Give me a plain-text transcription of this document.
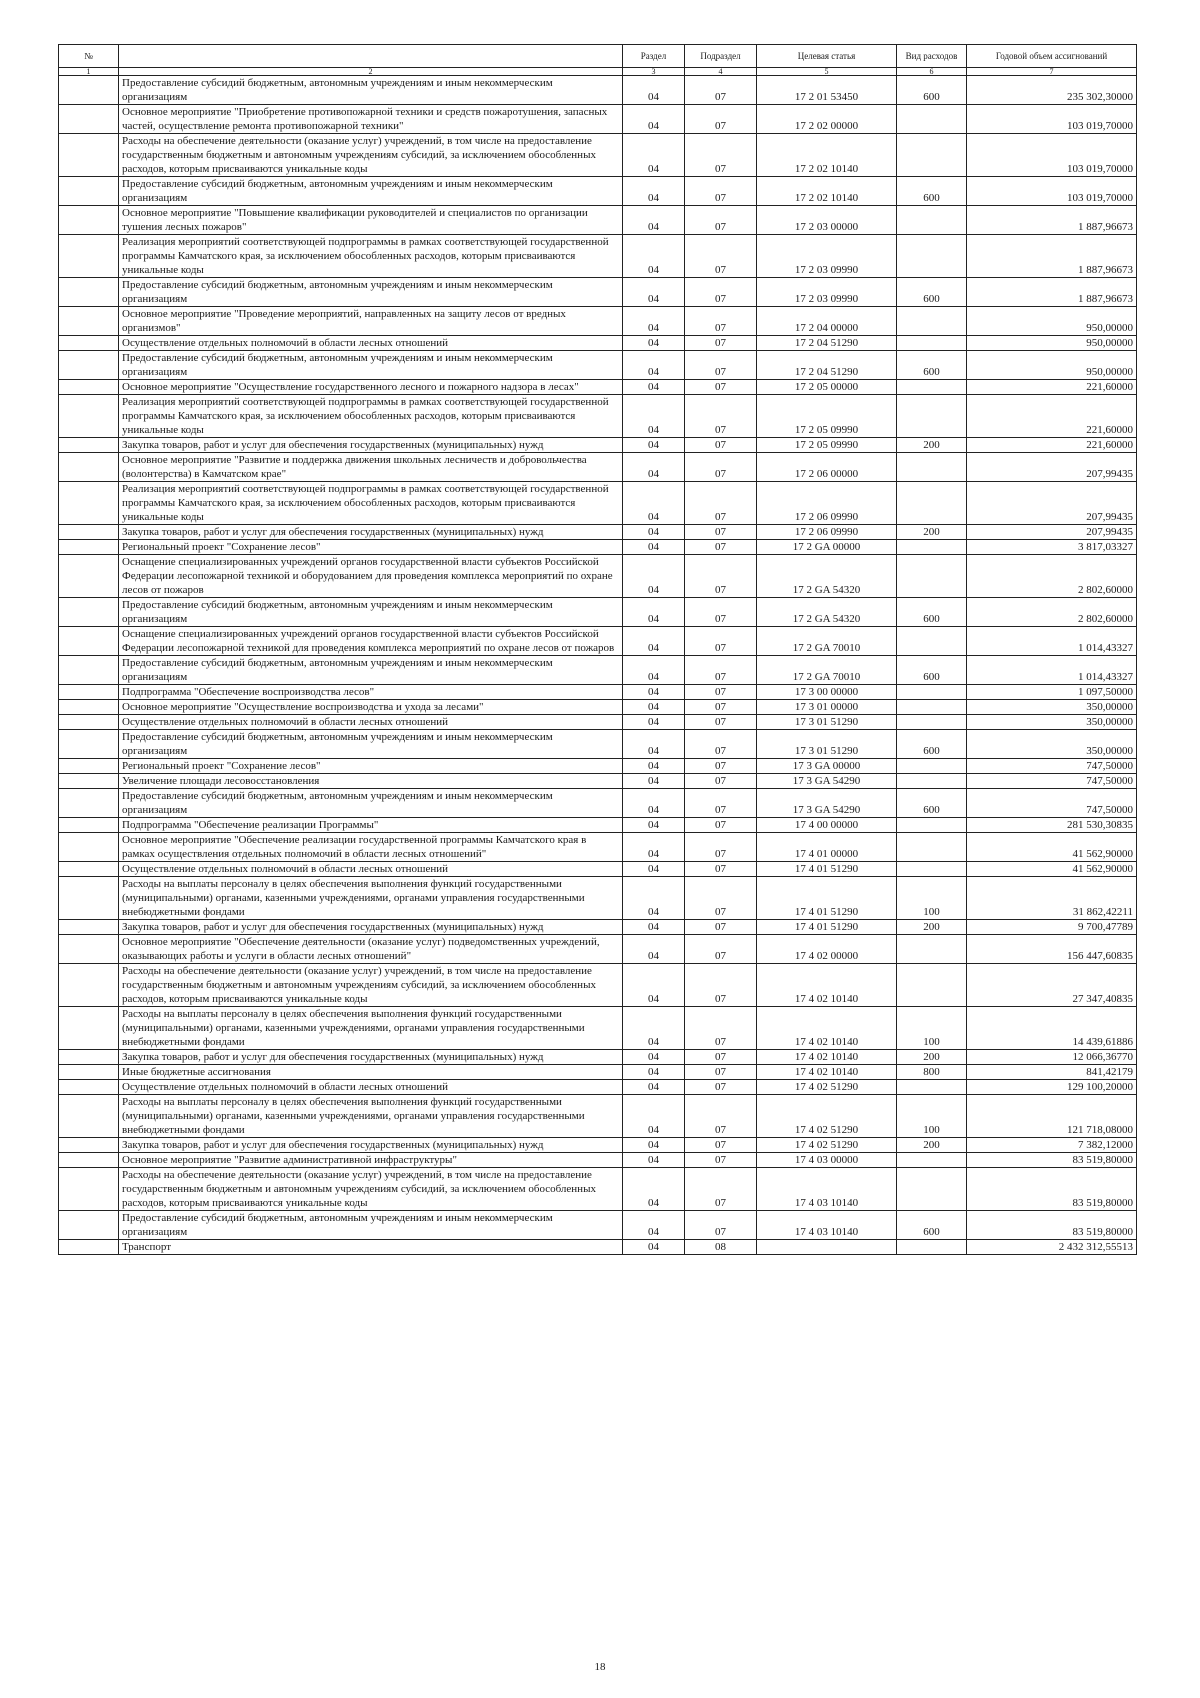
№		Раздел	Подраздел	Целевая статья	Вид расходов	Годовой объем ассигнований
1	2	3	4	5	6	7
	Предоставление субсидий бюджетным, автономным учреждениям и иным некоммерческим организациям	04	07	17 2 01 53450	600	235 302,30000
	Основное мероприятие "Приобретение противопожарной техники и средств пожаротушения, запасных частей, осуществление ремонта противопожарной техники"	04	07	17 2 02 00000		103 019,70000
	Расходы на обеспечение деятельности (оказание услуг) учреждений, в том числе на предоставление государственным бюджетным и автономным учреждениям субсидий, за исключением обособленных расходов, которым присваиваются уникальные коды	04	07	17 2 02 10140		103 019,70000
	Предоставление субсидий бюджетным, автономным учреждениям и иным некоммерческим организациям	04	07	17 2 02 10140	600	103 019,70000
	Основное мероприятие "Повышение квалификации руководителей и специалистов по организации тушения лесных пожаров"	04	07	17 2 03 00000		1 887,96673
	Реализация мероприятий соответствующей подпрограммы в рамках соответствующей государственной программы Камчатского края, за исключением обособленных расходов, которым присваиваются уникальные коды	04	07	17 2 03 09990		1 887,96673
	Предоставление субсидий бюджетным, автономным учреждениям и иным некоммерческим организациям	04	07	17 2 03 09990	600	1 887,96673
	Основное мероприятие "Проведение мероприятий, направленных на защиту лесов от вредных организмов"	04	07	17 2 04 00000		950,00000
	Осуществление отдельных полномочий в области лесных отношений	04	07	17 2 04 51290		950,00000
	Предоставление субсидий бюджетным, автономным учреждениям и иным некоммерческим организациям	04	07	17 2 04 51290	600	950,00000
	Основное мероприятие "Осуществление государственного лесного и пожарного надзора в лесах"	04	07	17 2 05 00000		221,60000
	Реализация мероприятий соответствующей подпрограммы в рамках соответствующей государственной программы Камчатского края, за исключением обособленных расходов, которым присваиваются уникальные коды	04	07	17 2 05 09990		221,60000
	Закупка товаров, работ и услуг для обеспечения государственных (муниципальных) нужд	04	07	17 2 05 09990	200	221,60000
	Основное мероприятие "Развитие и поддержка движения школьных лесничеств и добровольчества (волонтерства) в Камчатском крае"	04	07	17 2 06 00000		207,99435
	Реализация мероприятий соответствующей подпрограммы в рамках соответствующей государственной программы Камчатского края, за исключением обособленных расходов, которым присваиваются уникальные коды	04	07	17 2 06 09990		207,99435
	Закупка товаров, работ и услуг для обеспечения государственных (муниципальных) нужд	04	07	17 2 06 09990	200	207,99435
	Региональный проект "Сохранение лесов"	04	07	17 2 GA 00000		3 817,03327
	Оснащение специализированных учреждений органов государственной власти субъектов Российской Федерации лесопожарной техникой и оборудованием для проведения комплекса мероприятий по охране лесов от пожаров	04	07	17 2 GA 54320		2 802,60000
	Предоставление субсидий бюджетным, автономным учреждениям и иным некоммерческим организациям	04	07	17 2 GA 54320	600	2 802,60000
	Оснащение специализированных учреждений органов государственной власти субъектов Российской Федерации лесопожарной техникой для проведения комплекса мероприятий по охране лесов от пожаров	04	07	17 2 GA 70010		1 014,43327
	Предоставление субсидий бюджетным, автономным учреждениям и иным некоммерческим организациям	04	07	17 2 GA 70010	600	1 014,43327
	Подпрограмма "Обеспечение воспроизводства лесов"	04	07	17 3 00 00000		1 097,50000
	Основное мероприятие "Осуществление воспроизводства и ухода за лесами"	04	07	17 3 01 00000		350,00000
	Осуществление отдельных полномочий в области лесных отношений	04	07	17 3 01 51290		350,00000
	Предоставление субсидий бюджетным, автономным учреждениям и иным некоммерческим организациям	04	07	17 3 01 51290	600	350,00000
	Региональный проект "Сохранение лесов"	04	07	17 3 GA 00000		747,50000
	Увеличение площади лесовосстановления	04	07	17 3 GA 54290		747,50000
	Предоставление субсидий бюджетным, автономным учреждениям и иным некоммерческим организациям	04	07	17 3 GA 54290	600	747,50000
	Подпрограмма "Обеспечение реализации Программы"	04	07	17 4 00 00000		281 530,30835
	Основное мероприятие "Обеспечение реализации государственной программы Камчатского края в рамках осуществления отдельных полномочий в области лесных отношений"	04	07	17 4 01 00000		41 562,90000
	Осуществление отдельных полномочий в области лесных отношений	04	07	17 4 01 51290		41 562,90000
	Расходы на выплаты персоналу в целях обеспечения выполнения функций государственными (муниципальными) органами, казенными учреждениями, органами управления государственными внебюджетными фондами	04	07	17 4 01 51290	100	31 862,42211
	Закупка товаров, работ и услуг для обеспечения государственных (муниципальных) нужд	04	07	17 4 01 51290	200	9 700,47789
	Основное мероприятие "Обеспечение деятельности (оказание услуг) подведомственных учреждений, оказывающих работы и услуги в области лесных отношений"	04	07	17 4 02 00000		156 447,60835
	Расходы на обеспечение деятельности (оказание услуг) учреждений, в том числе на предоставление государственным бюджетным и автономным учреждениям субсидий, за исключением обособленных расходов, которым присваиваются уникальные коды	04	07	17 4 02 10140		27 347,40835
	Расходы на выплаты персоналу в целях обеспечения выполнения функций государственными (муниципальными) органами, казенными учреждениями, органами управления государственными внебюджетными фондами	04	07	17 4 02 10140	100	14 439,61886
	Закупка товаров, работ и услуг для обеспечения государственных (муниципальных) нужд	04	07	17 4 02 10140	200	12 066,36770
	Иные бюджетные ассигнования	04	07	17 4 02 10140	800	841,42179
	Осуществление отдельных полномочий в области лесных отношений	04	07	17 4 02 51290		129 100,20000
	Расходы на выплаты персоналу в целях обеспечения выполнения функций государственными (муниципальными) органами, казенными учреждениями, органами управления государственными внебюджетными фондами	04	07	17 4 02 51290	100	121 718,08000
	Закупка товаров, работ и услуг для обеспечения государственных (муниципальных) нужд	04	07	17 4 02 51290	200	7 382,12000
	Основное мероприятие "Развитие административной инфраструктуры"	04	07	17 4 03 00000		83 519,80000
	Расходы на обеспечение деятельности (оказание услуг) учреждений, в том числе на предоставление государственным бюджетным и автономным учреждениям субсидий, за исключением обособленных расходов, которым присваиваются уникальные коды	04	07	17 4 03 10140		83 519,80000
	Предоставление субсидий бюджетным, автономным учреждениям и иным некоммерческим организациям	04	07	17 4 03 10140	600	83 519,80000
	Транспорт	04	08			2 432 312,55513
18
